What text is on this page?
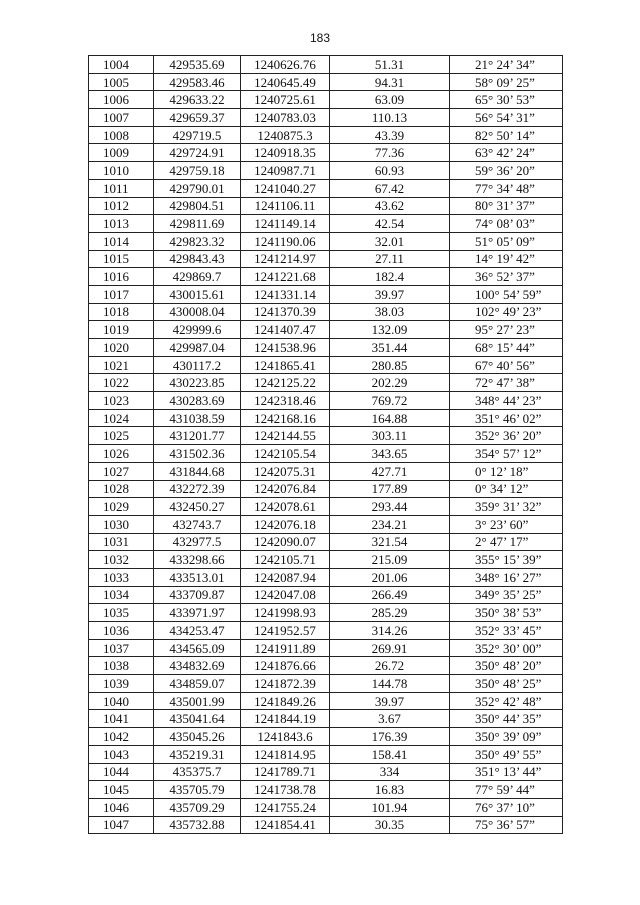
183
1004	429535.69	1240626.76	51.31	21° 24’ 34”
1005	429583.46	1240645.49	94.31	58° 09’ 25”
1006	429633.22	1240725.61	63.09	65° 30’ 53”
1007	429659.37	1240783.03	110.13	56° 54’ 31”
1008	429719.5	1240875.3	43.39	82° 50’ 14”
1009	429724.91	1240918.35	77.36	63° 42’ 24”
1010	429759.18	1240987.71	60.93	59° 36’ 20”
1011	429790.01	1241040.27	67.42	77° 34’ 48”
1012	429804.51	1241106.11	43.62	80° 31’ 37”
1013	429811.69	1241149.14	42.54	74° 08’ 03”
1014	429823.32	1241190.06	32.01	51° 05’ 09”
1015	429843.43	1241214.97	27.11	14° 19’ 42”
1016	429869.7	1241221.68	182.4	36° 52’ 37”
1017	430015.61	1241331.14	39.97	100° 54’ 59”
1018	430008.04	1241370.39	38.03	102° 49’ 23”
1019	429999.6	1241407.47	132.09	95° 27’ 23”
1020	429987.04	1241538.96	351.44	68° 15’ 44”
1021	430117.2	1241865.41	280.85	67° 40’ 56”
1022	430223.85	1242125.22	202.29	72° 47’ 38”
1023	430283.69	1242318.46	769.72	348° 44’ 23”
1024	431038.59	1242168.16	164.88	351° 46’ 02”
1025	431201.77	1242144.55	303.11	352° 36’ 20”
1026	431502.36	1242105.54	343.65	354° 57’ 12”
1027	431844.68	1242075.31	427.71	0° 12’ 18”
1028	432272.39	1242076.84	177.89	0° 34’ 12”
1029	432450.27	1242078.61	293.44	359° 31’ 32”
1030	432743.7	1242076.18	234.21	3° 23’ 60”
1031	432977.5	1242090.07	321.54	2° 47’ 17”
1032	433298.66	1242105.71	215.09	355° 15’ 39”
1033	433513.01	1242087.94	201.06	348° 16’ 27”
1034	433709.87	1242047.08	266.49	349° 35’ 25”
1035	433971.97	1241998.93	285.29	350° 38’ 53”
1036	434253.47	1241952.57	314.26	352° 33’ 45”
1037	434565.09	1241911.89	269.91	352° 30’ 00”
1038	434832.69	1241876.66	26.72	350° 48’ 20”
1039	434859.07	1241872.39	144.78	350° 48’ 25”
1040	435001.99	1241849.26	39.97	352° 42’ 48”
1041	435041.64	1241844.19	3.67	350° 44’ 35”
1042	435045.26	1241843.6	176.39	350° 39’ 09”
1043	435219.31	1241814.95	158.41	350° 49’ 55”
1044	435375.7	1241789.71	334	351° 13’ 44”
1045	435705.79	1241738.78	16.83	77° 59’ 44”
1046	435709.29	1241755.24	101.94	76° 37’ 10”
1047	435732.88	1241854.41	30.35	75° 36’ 57”
